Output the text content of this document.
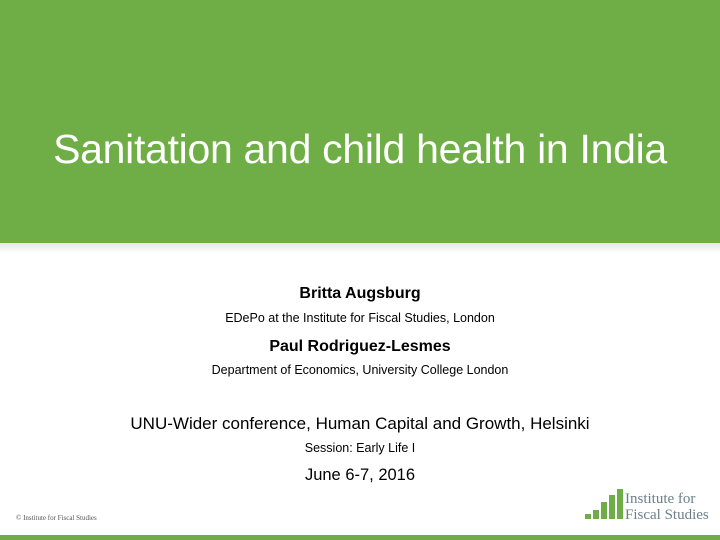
Sanitation and child health in India
Britta Augsburg
EDePo at the Institute for Fiscal Studies, London
Paul Rodriguez-Lesmes
Department of Economics, University College London
UNU-Wider conference, Human Capital and Growth, Helsinki
Session: Early Life I
June 6-7, 2016
© Institute for Fiscal Studies
Institute for
Fiscal Studies
